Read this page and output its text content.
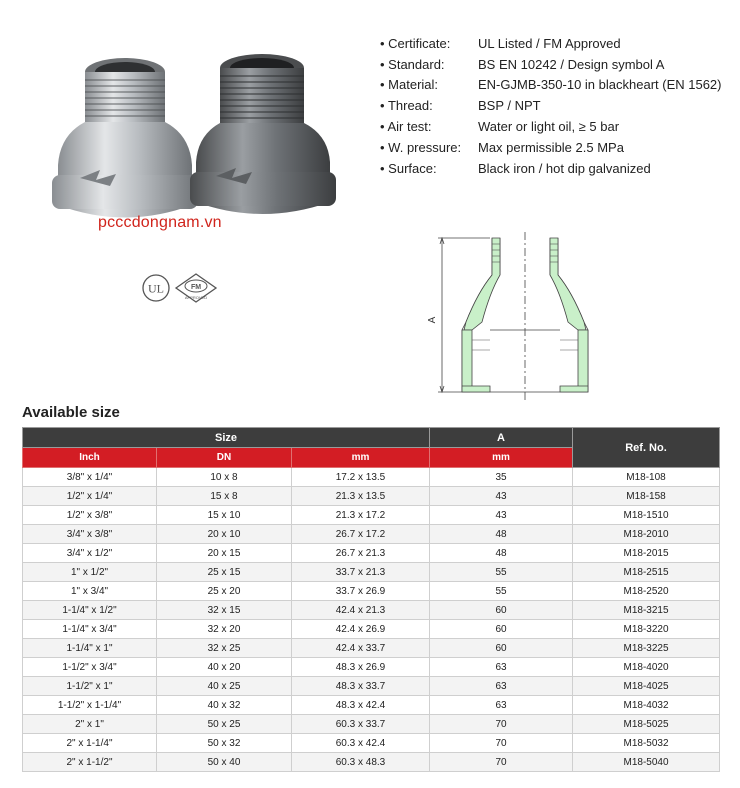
pcccdongnam.vn
UL	FM
APPROVED
• Certificate:	UL Listed / FM Approved
• Standard:	BS EN 10242 / Design symbol A
• Material:	EN-GJMB-350-10 in blackheart (EN 1562)
• Thread:	BSP / NPT
• Air test:	Water or light oil, ≥ 5 bar
• W. pressure:	Max permissible 2.5 MPa
• Surface:	Black iron / hot dip galvanized
A
Available size
Size			A	Ref. No.
Inch	DN	mm	mm	
3/8" x 1/4"	10 x 8	17.2 x 13.5	35	M18-108
1/2" x 1/4"	15 x 8	21.3 x 13.5	43	M18-158
1/2" x 3/8"	15 x 10	21.3 x 17.2	43	M18-1510
3/4" x 3/8"	20 x 10	26.7 x 17.2	48	M18-2010
3/4" x 1/2"	20 x 15	26.7 x 21.3	48	M18-2015
1" x 1/2"	25 x 15	33.7 x 21.3	55	M18-2515
1" x 3/4"	25 x 20	33.7 x 26.9	55	M18-2520
1-1/4" x 1/2"	32 x 15	42.4 x 21.3	60	M18-3215
1-1/4" x 3/4"	32 x 20	42.4 x 26.9	60	M18-3220
1-1/4" x 1"	32 x 25	42.4 x 33.7	60	M18-3225
1-1/2" x 3/4"	40 x 20	48.3 x 26.9	63	M18-4020
1-1/2" x 1"	40 x 25	48.3 x 33.7	63	M18-4025
1-1/2" x 1-1/4"	40 x 32	48.3 x 42.4	63	M18-4032
2" x 1"	50 x 25	60.3 x 33.7	70	M18-5025
2" x 1-1/4"	50 x 32	60.3 x 42.4	70	M18-5032
2" x 1-1/2"	50 x 40	60.3 x 48.3	70	M18-5040
